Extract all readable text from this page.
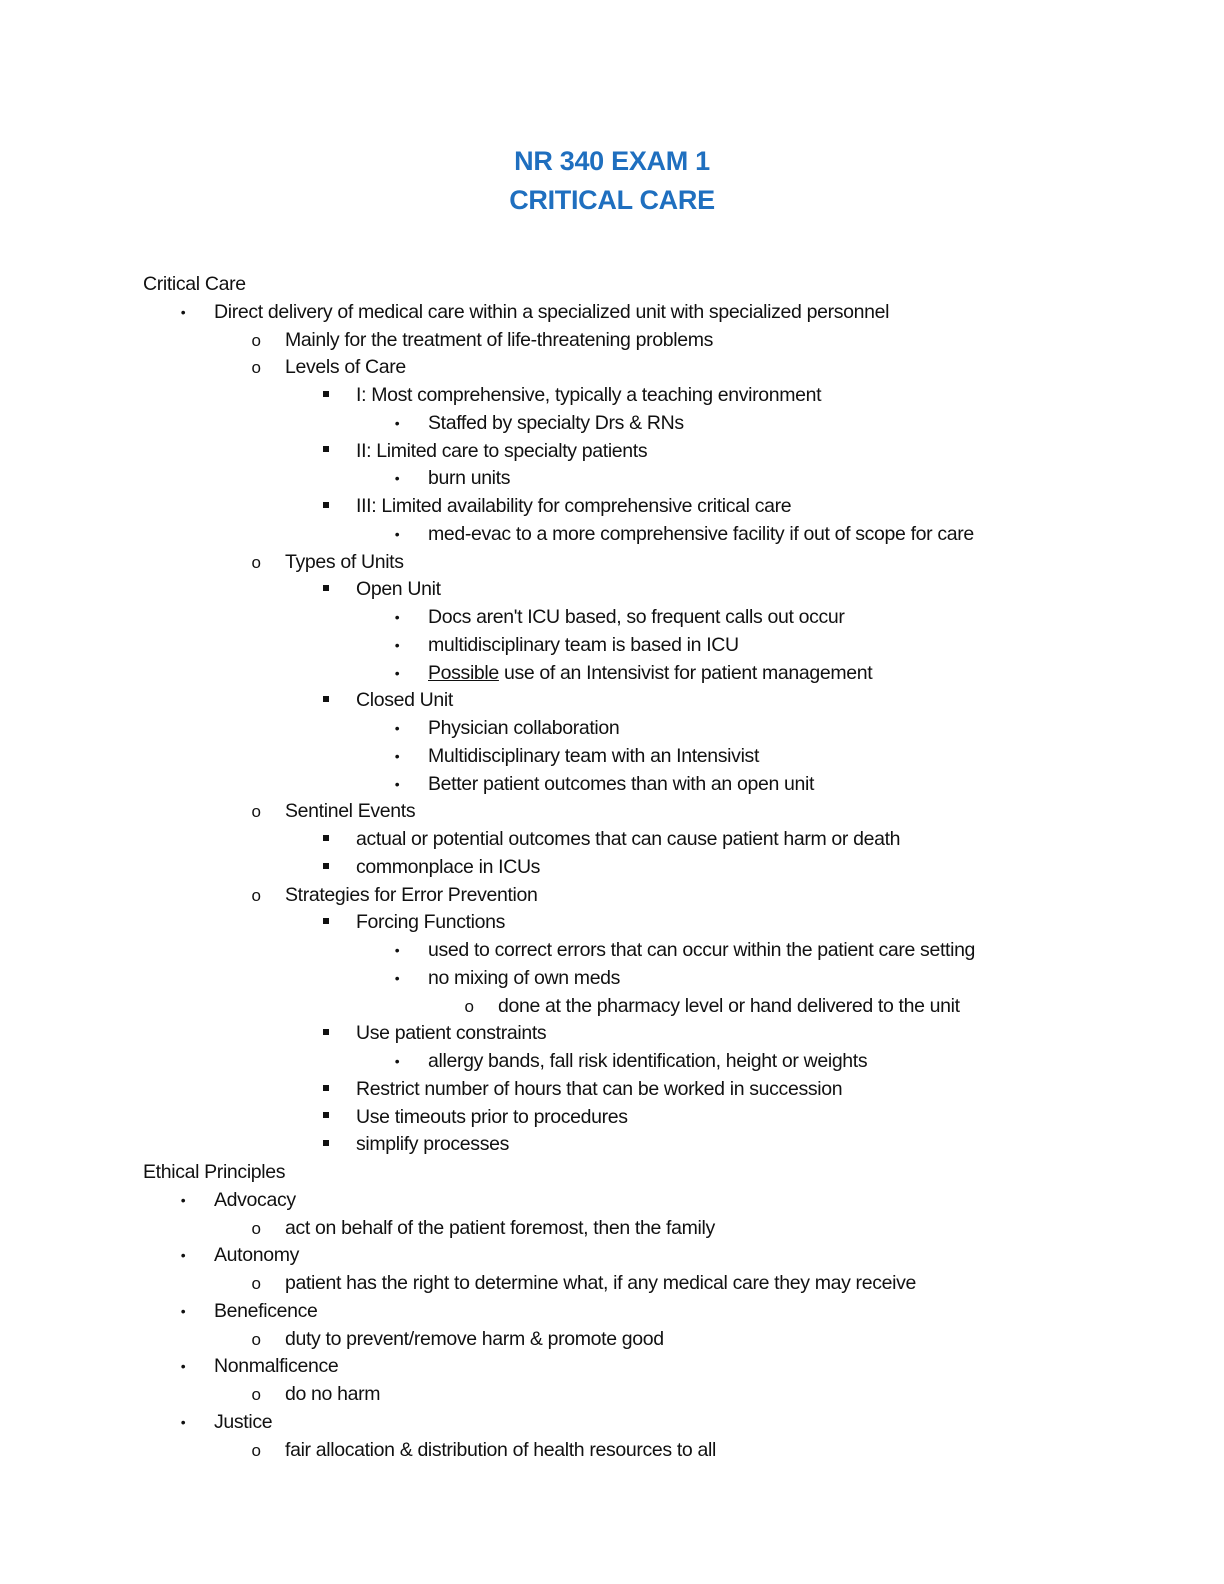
NR 340 EXAM 1
CRITICAL CARE
Critical Care
• Direct delivery of medical care within a specialized unit with specialized personnel
o Mainly for the treatment of life-threatening problems
o Levels of Care
I: Most comprehensive, typically a teaching environment
• Staffed by specialty Drs & RNs
II: Limited care to specialty patients
• burn units
III: Limited availability for comprehensive critical care
• med-evac to a more comprehensive facility if out of scope for care
o Types of Units
Open Unit
• Docs aren't ICU based, so frequent calls out occur
• multidisciplinary team is based in ICU
• Possible use of an Intensivist for patient management
Closed Unit
• Physician collaboration
• Multidisciplinary team with an Intensivist
• Better patient outcomes than with an open unit
o Sentinel Events
actual or potential outcomes that can cause patient harm or death
commonplace in ICUs
o Strategies for Error Prevention
Forcing Functions
• used to correct errors that can occur within the patient care setting
• no mixing of own meds
o done at the pharmacy level or hand delivered to the unit
Use patient constraints
• allergy bands, fall risk identification, height or weights
Restrict number of hours that can be worked in succession
Use timeouts prior to procedures
simplify processes
Ethical Principles
• Advocacy
o act on behalf of the patient foremost, then the family
• Autonomy
o patient has the right to determine what, if any medical care they may receive
• Beneficence
o duty to prevent/remove harm & promote good
• Nonmalficence
o do no harm
• Justice
o fair allocation & distribution of health resources to all
